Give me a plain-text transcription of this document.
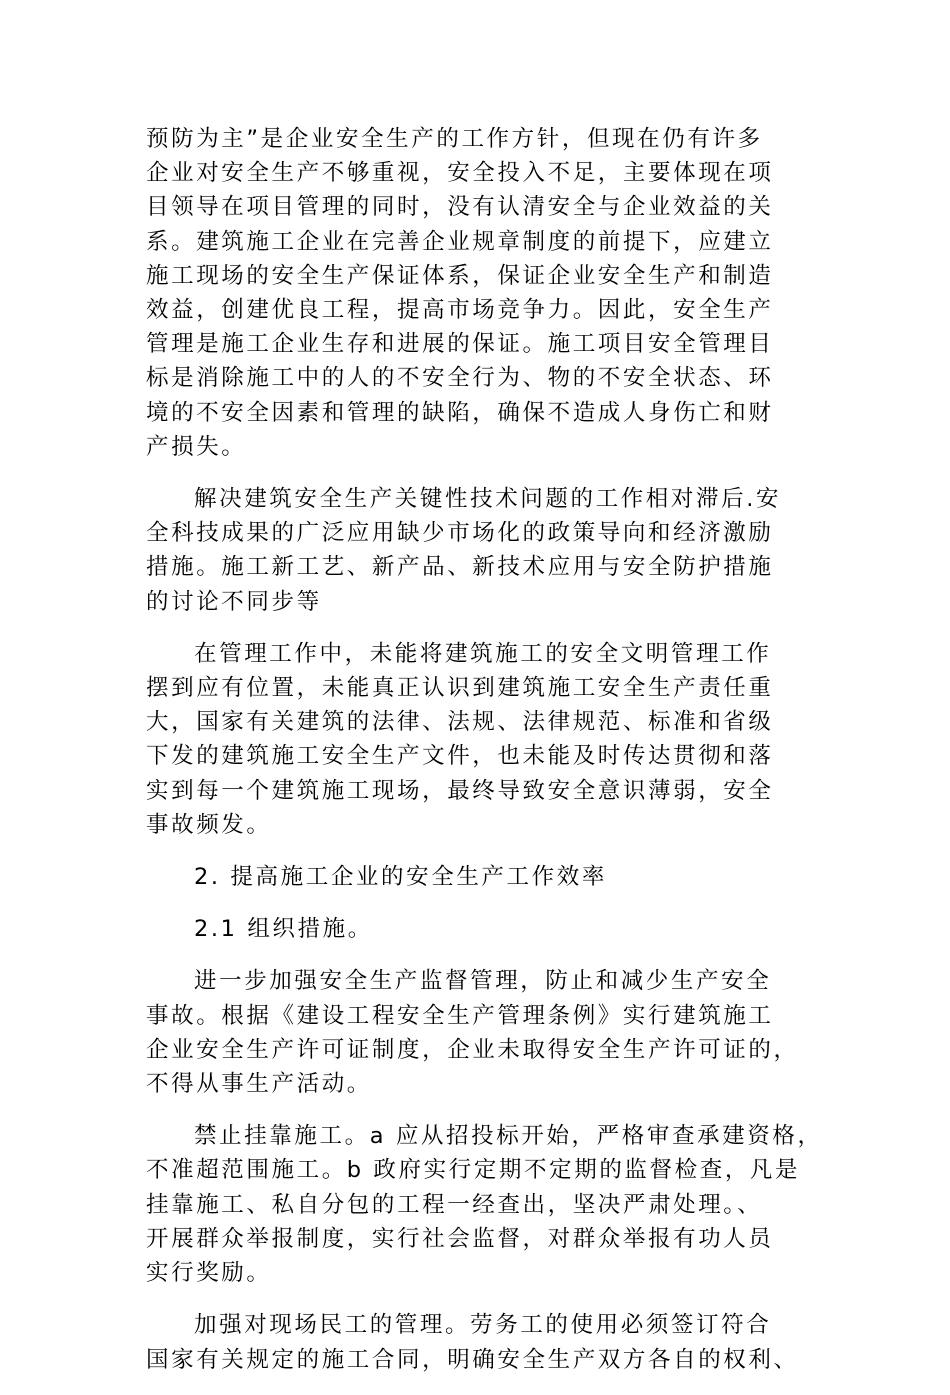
预防为主”是企业安全生产的工作方针，但现在仍有许多
企业对安全生产不够重视，安全投入不足，主要体现在项
目领导在项目管理的同时，没有认清安全与企业效益的关
系。建筑施工企业在完善企业规章制度的前提下，应建立
施工现场的安全生产保证体系，保证企业安全生产和制造
效益，创建优良工程，提高市场竞争力。因此，安全生产
管理是施工企业生存和进展的保证。施工项目安全管理目
标是消除施工中的人的不安全行为、物的不安全状态、环
境的不安全因素和管理的缺陷，确保不造成人身伤亡和财
产损失。

解决建筑安全生产关键性技术问题的工作相对滞后.安
全科技成果的广泛应用缺少市场化的政策导向和经济激励
措施。施工新工艺、新产品、新技术应用与安全防护措施
的讨论不同步等

在管理工作中，未能将建筑施工的安全文明管理工作
摆到应有位置，未能真正认识到建筑施工安全生产责任重
大，国家有关建筑的法律、法规、法律规范、标准和省级
下发的建筑施工安全生产文件，也未能及时传达贯彻和落
实到每一个建筑施工现场，最终导致安全意识薄弱，安全
事故频发。

2. 提高施工企业的安全生产工作效率

2.1 组织措施。

进一步加强安全生产监督管理，防止和减少生产安全
事故。根据《建设工程安全生产管理条例》实行建筑施工
企业安全生产许可证制度，企业未取得安全生产许可证的，
不得从事生产活动。

禁止挂靠施工。a 应从招投标开始，严格审查承建资格，
不准超范围施工。b 政府实行定期不定期的监督检查，凡是
挂靠施工、私自分包的工程一经查出，坚决严肃处理。、
开展群众举报制度，实行社会监督，对群众举报有功人员
实行奖励。

加强对现场民工的管理。劳务工的使用必须签订符合
国家有关规定的施工合同，明确安全生产双方各自的权利、
